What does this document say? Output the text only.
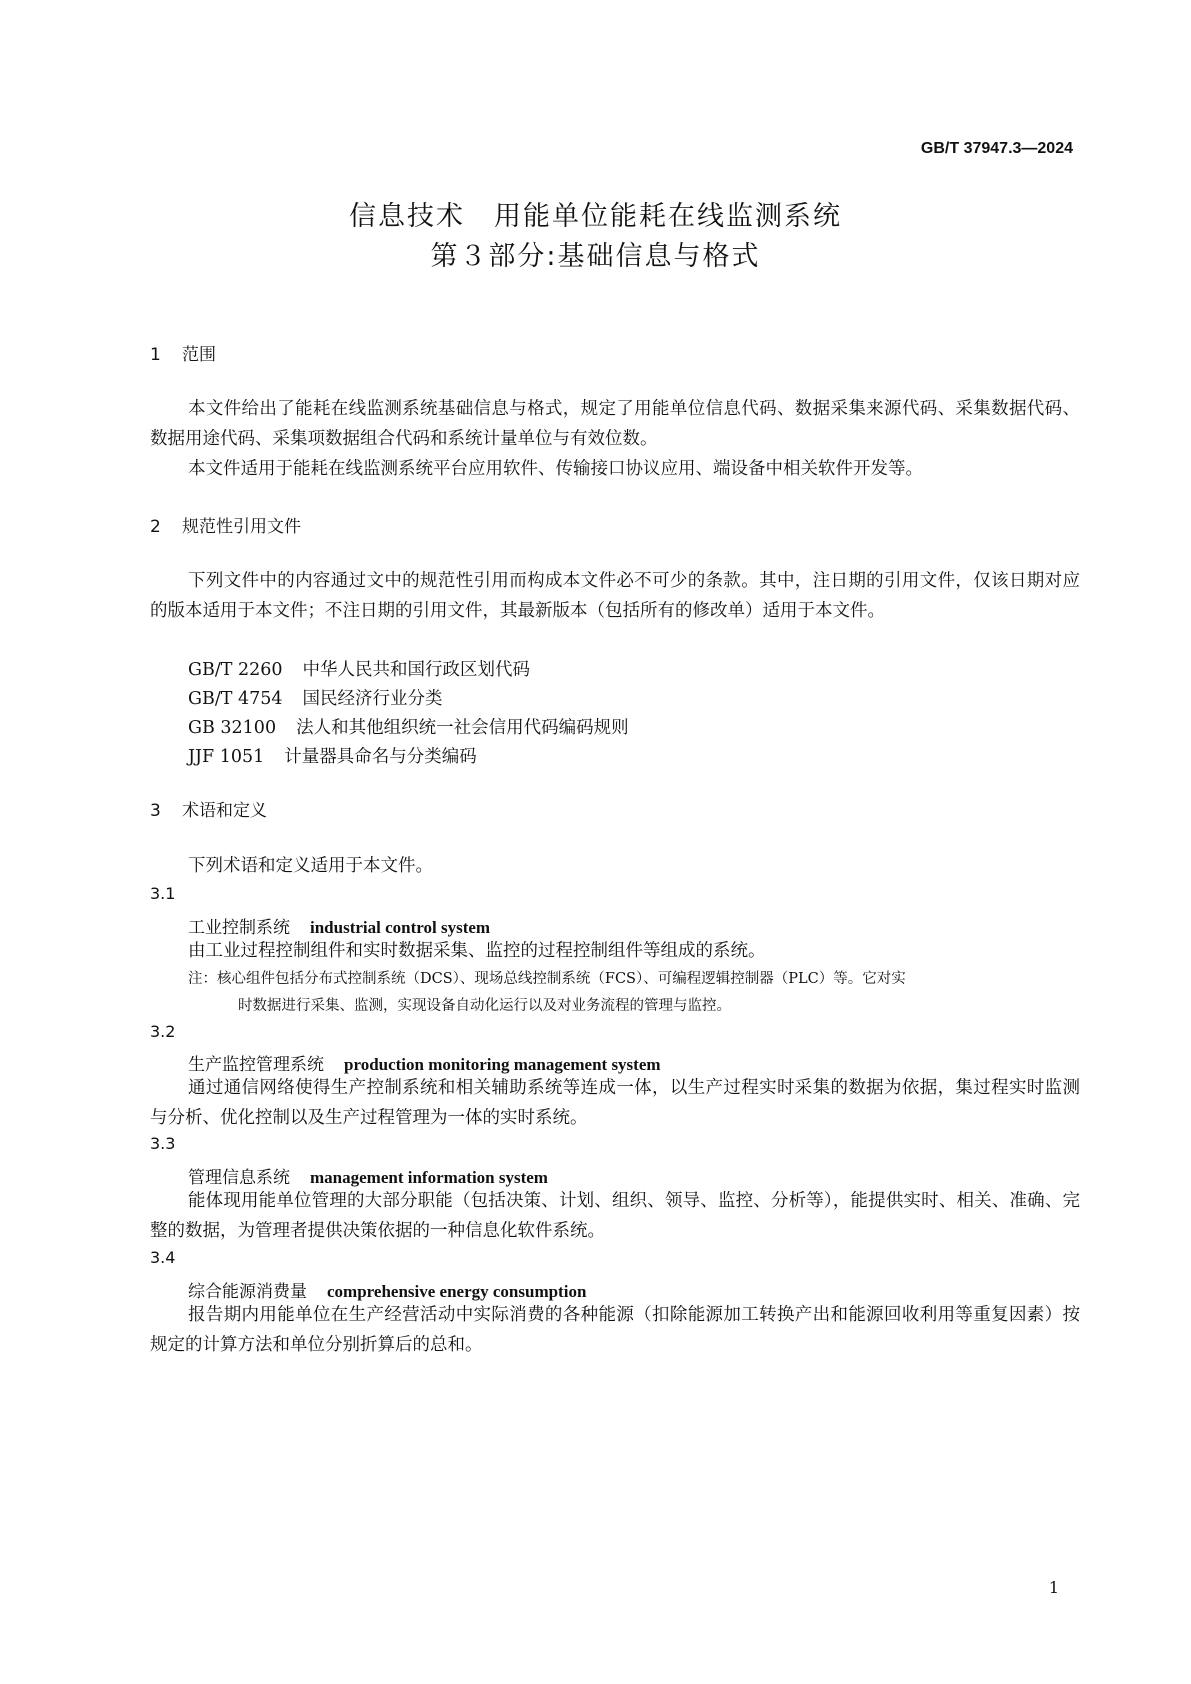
GB/T 37947.3—2024
信息技术　用能单位能耗在线监测系统
第３部分:基础信息与格式
1 范围
本文件给出了能耗在线监测系统基础信息与格式，规定了用能单位信息代码、数据采集来源代码、采集数据代码、数据用途代码、采集项数据组合代码和系统计量单位与有效位数。
本文件适用于能耗在线监测系统平台应用软件、传输接口协议应用、端设备中相关软件开发等。
2 规范性引用文件
下列文件中的内容通过文中的规范性引用而构成本文件必不可少的条款。其中，注日期的引用文件，仅该日期对应的版本适用于本文件；不注日期的引用文件，其最新版本（包括所有的修改单）适用于本文件。
GB/T 2260 中华人民共和国行政区划代码
GB/T 4754 国民经济行业分类
GB 32100 法人和其他组织统一社会信用代码编码规则
JJF 1051 计量器具命名与分类编码
3 术语和定义
下列术语和定义适用于本文件。
3.1
工业控制系统 industrial control system
由工业过程控制组件和实时数据采集、监控的过程控制组件等组成的系统。
注：核心组件包括分布式控制系统（DCS）、现场总线控制系统（FCS）、可编程逻辑控制器（PLC）等。它对实
时数据进行采集、监测，实现设备自动化运行以及对业务流程的管理与监控。
3.2
生产监控管理系统 production monitoring management system
通过通信网络使得生产控制系统和相关辅助系统等连成一体，以生产过程实时采集的数据为依据，集过程实时监测与分析、优化控制以及生产过程管理为一体的实时系统。
3.3
管理信息系统 management information system
能体现用能单位管理的大部分职能（包括决策、计划、组织、领导、监控、分析等），能提供实时、相关、准确、完整的数据，为管理者提供决策依据的一种信息化软件系统。
3.4
综合能源消费量 comprehensive energy consumption
报告期内用能单位在生产经营活动中实际消费的各种能源（扣除能源加工转换产出和能源回收利用等重复因素）按规定的计算方法和单位分别折算后的总和。
1
